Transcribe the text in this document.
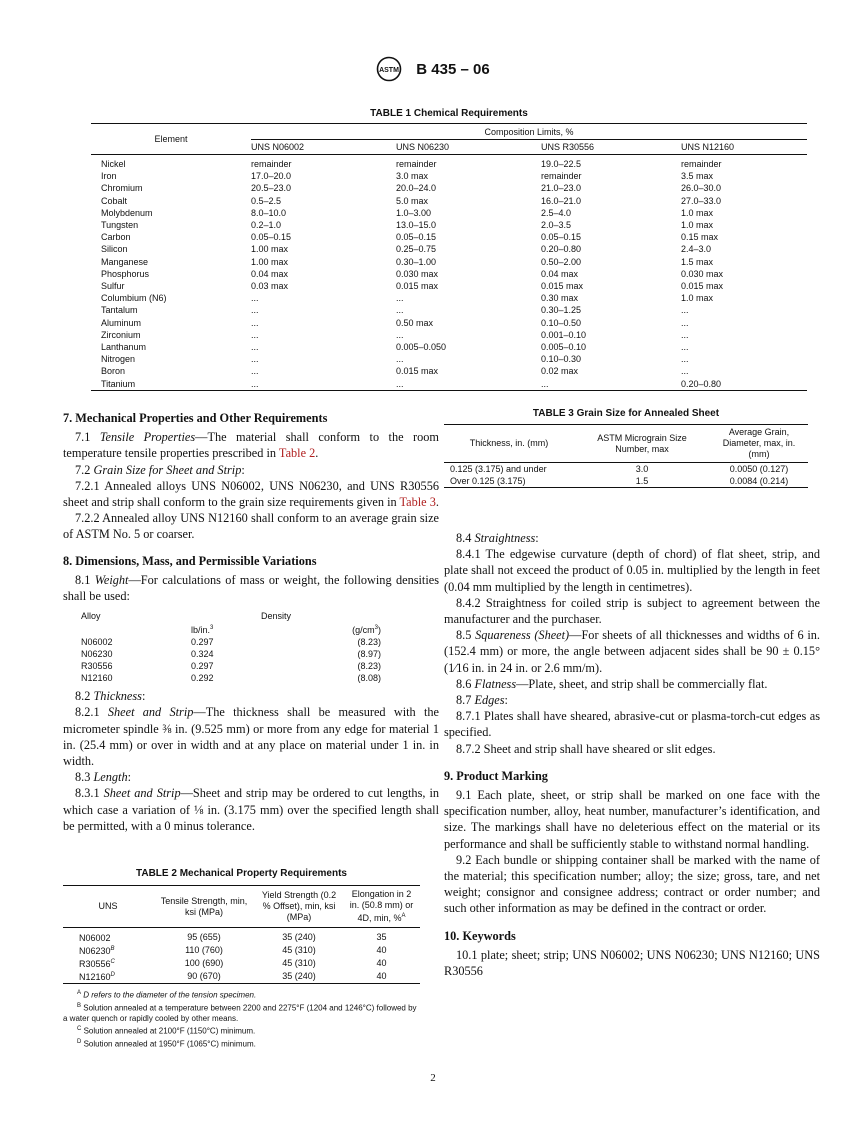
ASTM B 435 – 06
TABLE 1 Chemical Requirements
Element	Composition Limits, %			
	UNS N06002	UNS N06230	UNS R30556	UNS N12160
Nickel	remainder	remainder	19.0–22.5	remainder
Iron	17.0–20.0	3.0 max	remainder	3.5 max
Chromium	20.5–23.0	20.0–24.0	21.0–23.0	26.0–30.0
Cobalt	0.5–2.5	5.0 max	16.0–21.0	27.0–33.0
Molybdenum	8.0–10.0	1.0–3.00	2.5–4.0	1.0 max
Tungsten	0.2–1.0	13.0–15.0	2.0–3.5	1.0 max
Carbon	0.05–0.15	0.05–0.15	0.05–0.15	0.15 max
Silicon	1.00 max	0.25–0.75	0.20–0.80	2.4–3.0
Manganese	1.00 max	0.30–1.00	0.50–2.00	1.5 max
Phosphorus	0.04 max	0.030 max	0.04 max	0.030 max
Sulfur	0.03 max	0.015 max	0.015 max	0.015 max
Columbium (N6)	...	...	0.30 max	1.0 max
Tantalum	...	...	0.30–1.25	...
Aluminum	...	0.50 max	0.10–0.50	...
Zirconium	...	...	0.001–0.10	...
Lanthanum	...	0.005–0.050	0.005–0.10	...
Nitrogen	...	...	0.10–0.30	...
Boron	...	0.015 max	0.02 max	...
Titanium	...	...	...	0.20–0.80
TABLE 3 Grain Size for Annealed Sheet
Thickness, in. (mm)	ASTM Micrograin Size Number, max	Average Grain, Diameter, max, in. (mm)
0.125 (3.175) and under	3.0	0.0050 (0.127)
Over 0.125 (3.175)	1.5	0.0084 (0.214)
7. Mechanical Properties and Other Requirements

7.1 Tensile Properties—The material shall conform to the room temperature tensile properties prescribed in Table 2.

7.2 Grain Size for Sheet and Strip:

7.2.1 Annealed alloys UNS N06002, UNS N06230, and UNS R30556 sheet and strip shall conform to the grain size requirements given in Table 3.

7.2.2 Annealed alloy UNS N12160 shall conform to an average grain size of ASTM No. 5 or coarser.

8. Dimensions, Mass, and Permissible Variations

8.1 Weight—For calculations of mass or weight, the following densities shall be used:

Alloy	Density	
	lb/in.$^3$	$(g/cm^3)$
N06002	0.297	(8.23)
N06230	0.324	(8.97)
R30556	0.297	(8.23)
N12160	0.292	(8.08)

8.2 Thickness:

8.2.1 Sheet and Strip—The thickness shall be measured with the micrometer spindle ⅜ in. (9.525 mm) or more from any edge for material 1 in. (25.4 mm) or over in width and at any place on material under 1 in. in width.

8.3 Length:

8.3.1 Sheet and Strip—Sheet and strip may be ordered to cut lengths, in which case a variation of ⅛ in. (3.175 mm) over the specified length shall be permitted, with a 0 minus tolerance.

TABLE 2 Mechanical Property Requirements
UNS	Tensile Strength, min, ksi (MPa)	Yield Strength (0.2 % Offset), min, ksi (MPa)	Elongation in 2 in. (50.8 mm) or 4D, min, %$^A$
N06002	95 (655)	35 (240)	35
$N06230^B$	110 (760)	45 (310)	40
$R30556^C$	100 (690)	45 (310)	40
$N12160^D$	90 (670)	35 (240)	40

$^A$ D refers to the diameter of the tension specimen.

$^B$ Solution annealed at a temperature between 2200 and 2275°F (1204 and 1246°C) followed by a water quench or rapidly cooled by other means.

$^C$ Solution annealed at 2100°F (1150°C) minimum.

$^D$ Solution annealed at 1950°F (1065°C) minimum.

8.4 Straightness:

8.4.1 The edgewise curvature (depth of chord) of flat sheet, strip, and plate shall not exceed the product of 0.05 in. multiplied by the length in feet (0.04 mm multiplied by the length in centimetres).

8.4.2 Straightness for coiled strip is subject to agreement between the manufacturer and the purchaser.

8.5 Squareness (Sheet)—For sheets of all thicknesses and widths of 6 in. (152.4 mm) or more, the angle between adjacent sides shall be 90 ± 0.15° (1⁄16 in. in 24 in. or 2.6 mm/m).

8.6 Flatness—Plate, sheet, and strip shall be commercially flat.

8.7 Edges:

8.7.1 Plates shall have sheared, abrasive-cut or plasma-torch-cut edges as specified.

8.7.2 Sheet and strip shall have sheared or slit edges.

9. Product Marking

9.1 Each plate, sheet, or strip shall be marked on one face with the specification number, alloy, heat number, manufacturer’s identification, and size. The markings shall have no deleterious effect on the material or its performance and shall be sufficiently stable to withstand normal handling.

9.2 Each bundle or shipping container shall be marked with the name of the material; this specification number; alloy; the size; gross, tare, and net weight; consignor and consignee address; contract or order number; and such other information as may be defined in the contract or order.

10. Keywords

10.1 plate; sheet; strip; UNS N06002; UNS N06230; UNS N12160; UNS R30556

2
